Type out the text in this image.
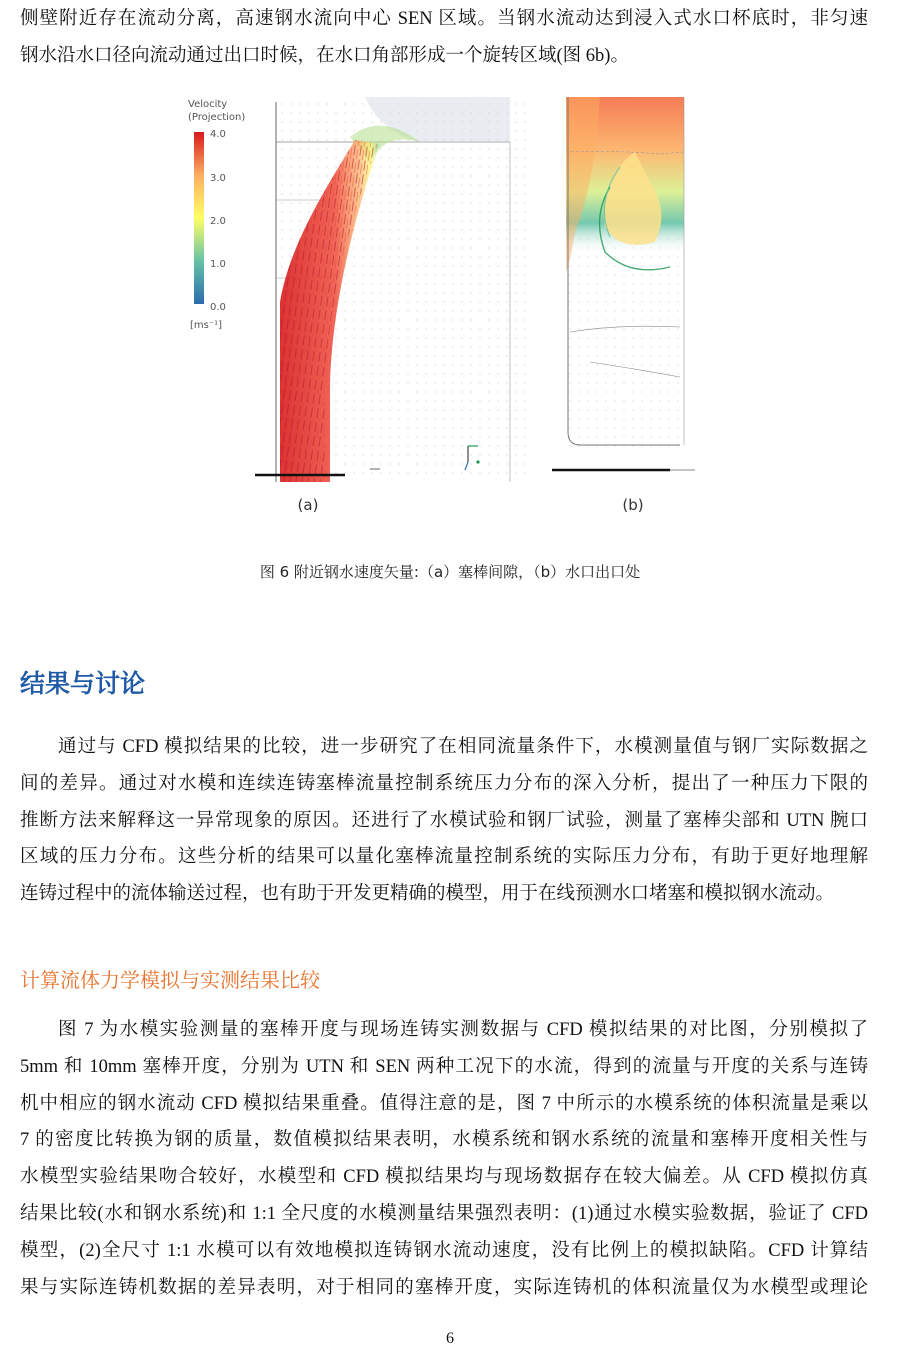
侧壁附近存在流动分离，高速钢水流向中心 SEN 区域。当钢水流动达到浸入式水口杯底时，非匀速
钢水沿水口径向流动通过出口时候，在水口角部形成一个旋转区域(图 6b)。
Velocity
(Projection)
4.0
3.0
2.0
1.0
0.0
[ms⁻¹]
(a)	(b)
图 6 附近钢水速度矢量:（a）塞棒间隙，（b）水口出口处
结果与讨论
通过与 CFD 模拟结果的比较，进一步研究了在相同流量条件下，水模测量值与钢厂实际数据之
间的差异。通过对水模和连续连铸塞棒流量控制系统压力分布的深入分析，提出了一种压力下限的
推断方法来解释这一异常现象的原因。还进行了水模试验和钢厂试验，测量了塞棒尖部和 UTN 腕口
区域的压力分布。这些分析的结果可以量化塞棒流量控制系统的实际压力分布，有助于更好地理解
连铸过程中的流体输送过程，也有助于开发更精确的模型，用于在线预测水口堵塞和模拟钢水流动。
计算流体力学模拟与实测结果比较
图 7 为水模实验测量的塞棒开度与现场连铸实测数据与 CFD 模拟结果的对比图，分别模拟了
5mm 和 10mm 塞棒开度，分别为 UTN 和 SEN 两种工况下的水流，得到的流量与开度的关系与连铸
机中相应的钢水流动 CFD 模拟结果重叠。值得注意的是，图 7 中所示的水模系统的体积流量是乘以
7 的密度比转换为钢的质量，数值模拟结果表明，水模系统和钢水系统的流量和塞棒开度相关性与
水模型实验结果吻合较好，水模型和 CFD 模拟结果均与现场数据存在较大偏差。从 CFD 模拟仿真
结果比较(水和钢水系统)和 1:1 全尺度的水模测量结果强烈表明：(1)通过水模实验数据，验证了 CFD
模型，(2)全尺寸 1:1 水模可以有效地模拟连铸钢水流动速度，没有比例上的模拟缺陷。CFD 计算结
果与实际连铸机数据的差异表明，对于相同的塞棒开度，实际连铸机的体积流量仅为水模型或理论
6
